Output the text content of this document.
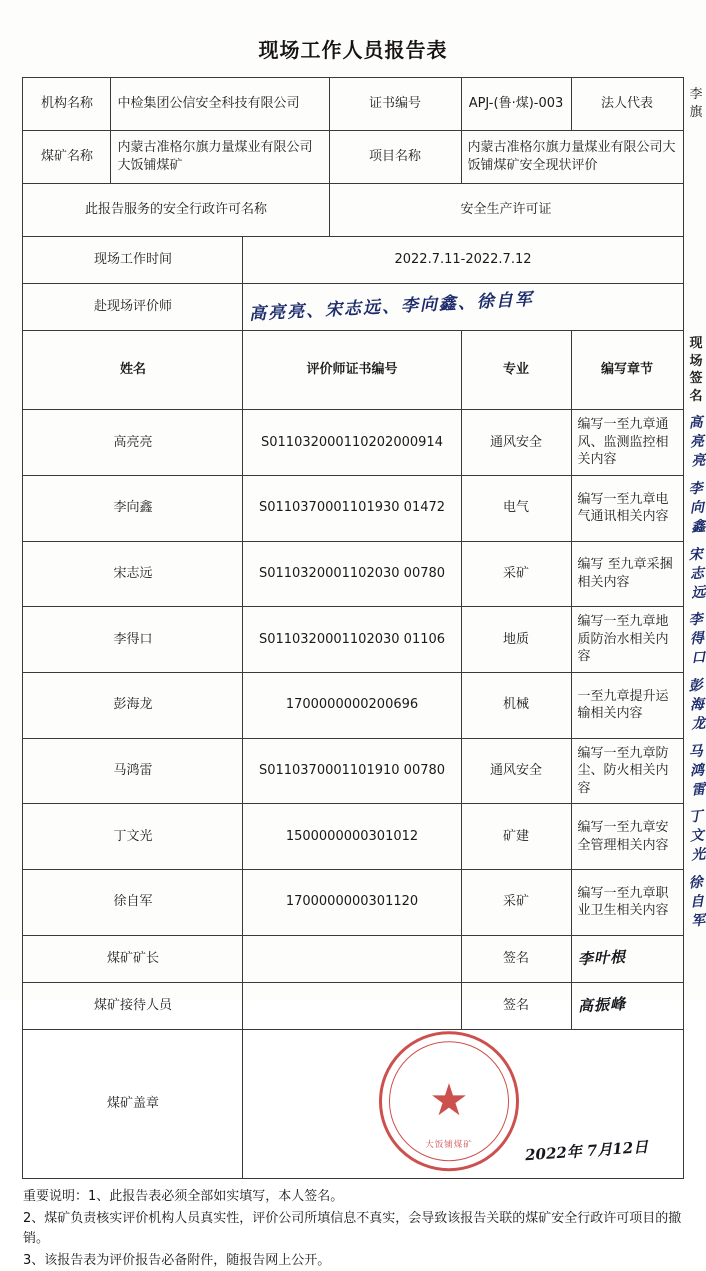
现场工作人员报告表
机构名称	中检集团公信安全科技有限公司		证书编号	APJ-(鲁·煤)-003	法人代表	李旗
煤矿名称	内蒙古准格尔旗力量煤业有限公司大饭铺煤矿		项目名称	内蒙古准格尔旗力量煤业有限公司大饭铺煤矿安全现状评价		
此报告服务的安全行政许可名称			安全生产许可证			
现场工作时间		2022.7.11-2022.7.12				
赴现场评价师		高亮亮、宋志远、李向鑫、徐自军				
姓名		评价师证书编号		专业	编写章节	现场签名
高亮亮		S011032000110202000914		通风安全	编写一至九章通风、监测监控相关内容	高亮亮
李向鑫		S0110370001101930 01472		电气	编写一至九章电气通讯相关内容	李向鑫
宋志远		S0110320001102030 00780		采矿	编写 至九章采捆相关内容	宋志远
李得口		S0110320001102030 01106		地质	编写一至九章地质防治水相关内容	李得口
彭海龙		1700000000200696		机械	一至九章提升运输相关内容	彭海龙
马鸿雷		S0110370001101910 00780		通风安全	编写一至九章防尘、防火相关内容	马鸿雷
丁文光		1500000000301012		矿建	编写一至九章安全管理相关内容	丁文光
徐自军		1700000000301120		采矿	编写一至九章职业卫生相关内容	徐自军
煤矿矿长				签名	李叶根	
煤矿接待人员				签名	高振峰	
煤矿盖章		★
大饭铺煤矿 2022年 7月12日				

重要说明：1、此报告表必须全部如实填写，本人签名。

2、煤矿负责核实评价机构人员真实性，评价公司所填信息不真实，会导致该报告关联的煤矿安全行政许可项目的撤销。

3、该报告表为评价报告必备附件，随报告网上公开。
